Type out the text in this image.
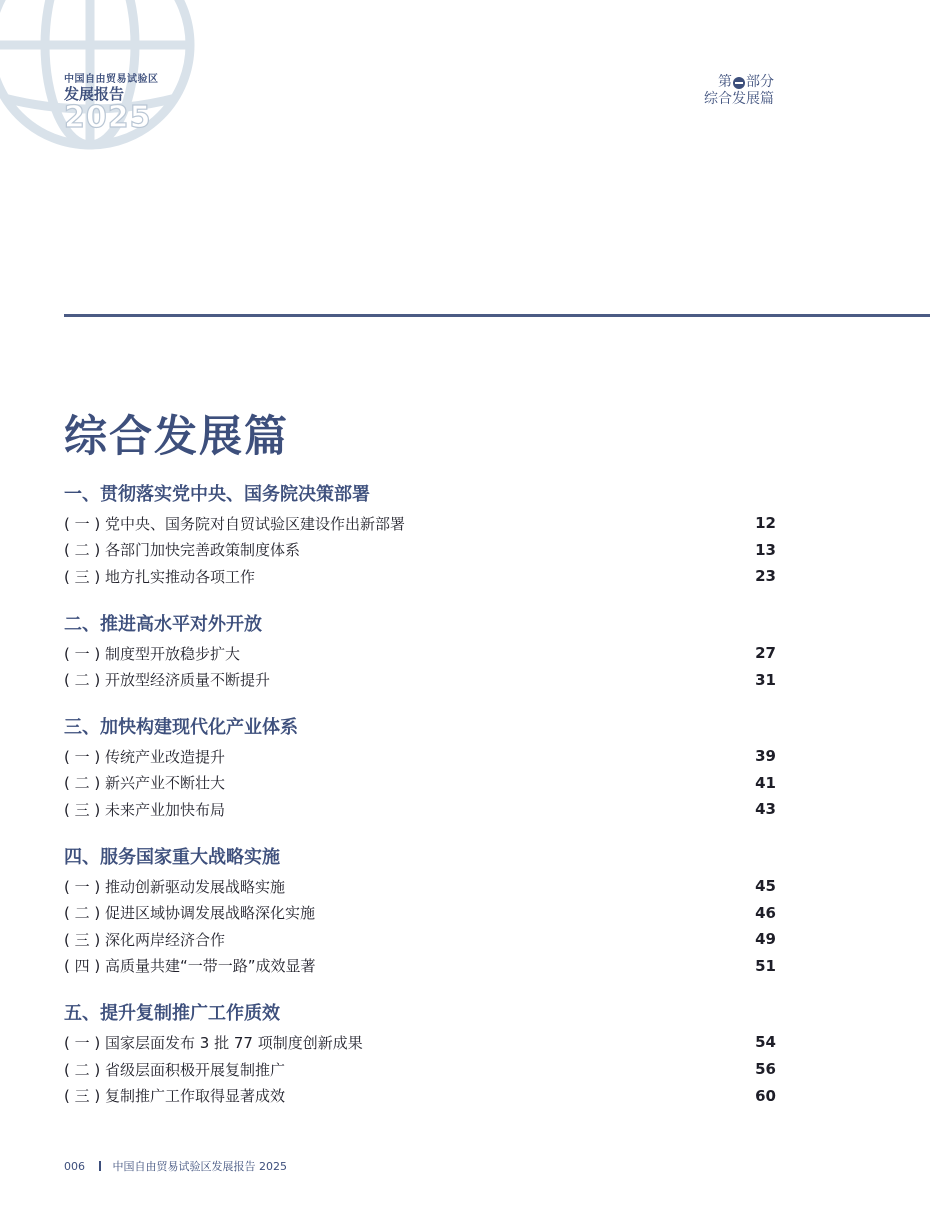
中国自由贸易试验区
发展报告
2025
第 部分
综合发展篇
综合发展篇
一、贯彻落实党中央、国务院决策部署
( 一 ) 党中央、国务院对自贸试验区建设作出新部署	12
( 二 ) 各部门加快完善政策制度体系	13
( 三 ) 地方扎实推动各项工作	23
二、推进高水平对外开放
( 一 ) 制度型开放稳步扩大	27
( 二 ) 开放型经济质量不断提升	31
三、加快构建现代化产业体系
( 一 ) 传统产业改造提升	39
( 二 ) 新兴产业不断壮大	41
( 三 ) 未来产业加快布局	43
四、服务国家重大战略实施
( 一 ) 推动创新驱动发展战略实施	45
( 二 ) 促进区域协调发展战略深化实施	46
( 三 ) 深化两岸经济合作	49
( 四 ) 高质量共建“一带一路”成效显著	51
五、提升复制推广工作质效
( 一 ) 国家层面发布 3 批 77 项制度创新成果	54
( 二 ) 省级层面积极开展复制推广	56
( 三 ) 复制推广工作取得显著成效	60
006	中国自由贸易试验区发展报告 2025
